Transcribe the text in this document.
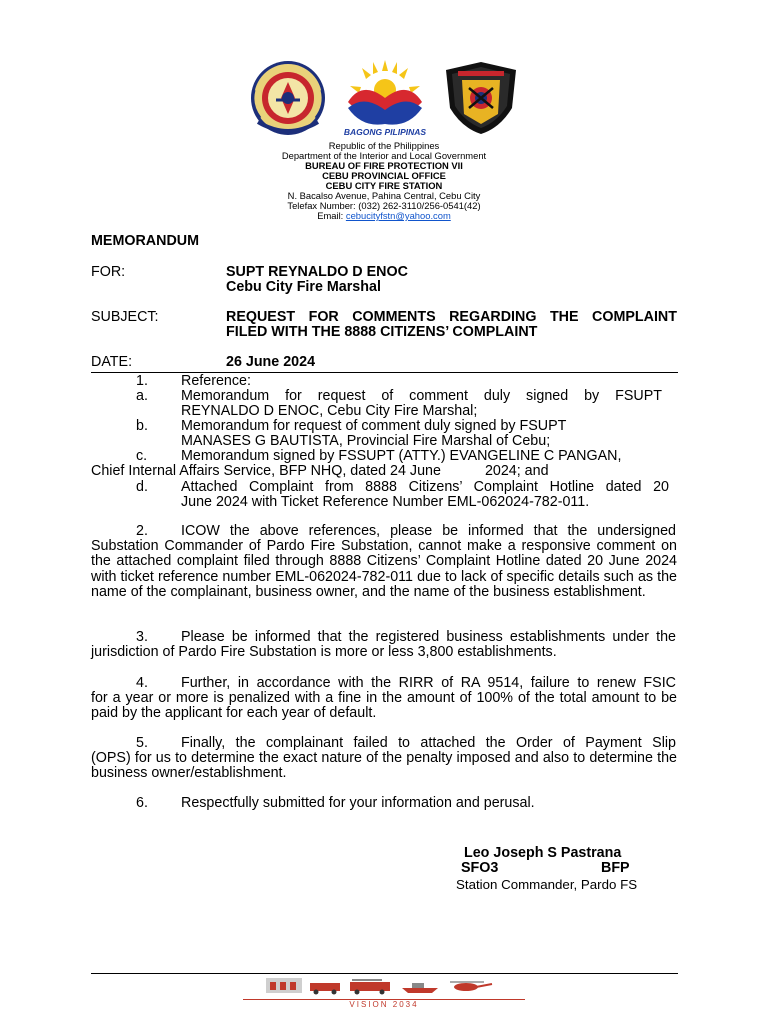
BAGONG PILIPINAS
Republic of the Philippines
Department of the Interior and Local Government
BUREAU OF FIRE PROTECTION VII
CEBU PROVINCIAL OFFICE
CEBU CITY FIRE STATION
N. Bacalso Avenue, Pahina Central, Cebu City
Telefax Number: (032) 262-3110/256-0541(42)
Email: cebucityfstn@yahoo.com
MEMORANDUM
FOR:	SUPT REYNALDO D ENOC
Cebu City Fire Marshal
SUBJECT:	REQUEST FOR COMMENTS REGARDING THE COMPLAINT
FILED WITH THE 8888 CITIZENS’ COMPLAINT
DATE:	26 June 2024
1. Reference:
a. Memorandum for request of comment duly signed by FSUPT
REYNALDO D ENOC, Cebu City Fire Marshal;
b. Memorandum for request of comment duly signed by FSUPT
MANASES G BAUTISTA, Provincial Fire Marshal of Cebu;
c. Memorandum signed by FSSUPT (ATTY.) EVANGELINE C PANGAN,
Chief Internal Affairs Service, BFP NHQ, dated 24 June	2024; and
d. Attached Complaint from 8888 Citizens’ Complaint Hotline dated 20
June 2024 with Ticket Reference Number EML-062024-782-011.
2. ICOW the above references, please be informed that the undersigned
Substation Commander of Pardo Fire Substation, cannot make a responsive comment on the attached complaint filed through 8888 Citizens’ Complaint Hotline dated 20 June 2024 with ticket reference number EML-062024-782-011 due to lack of specific details such as the name of the complainant, business owner, and the name of the business establishment.
3. Please be informed that the registered business establishments under the
jurisdiction of Pardo Fire Substation is more or less 3,800 establishments.
4. Further, in accordance with the RIRR of RA 9514, failure to renew FSIC
for a year or more is penalized with a fine in the amount of 100% of the total amount to be paid by the applicant for each year of default.
5. Finally, the complainant failed to attached the Order of Payment Slip
(OPS) for us to determine the exact nature of the penalty imposed and also to determine the business owner/establishment.
6. Respectfully submitted for your information and perusal.
Leo Joseph S Pastrana
SFO3	BFP
Station Commander, Pardo FS
VISION 2034
